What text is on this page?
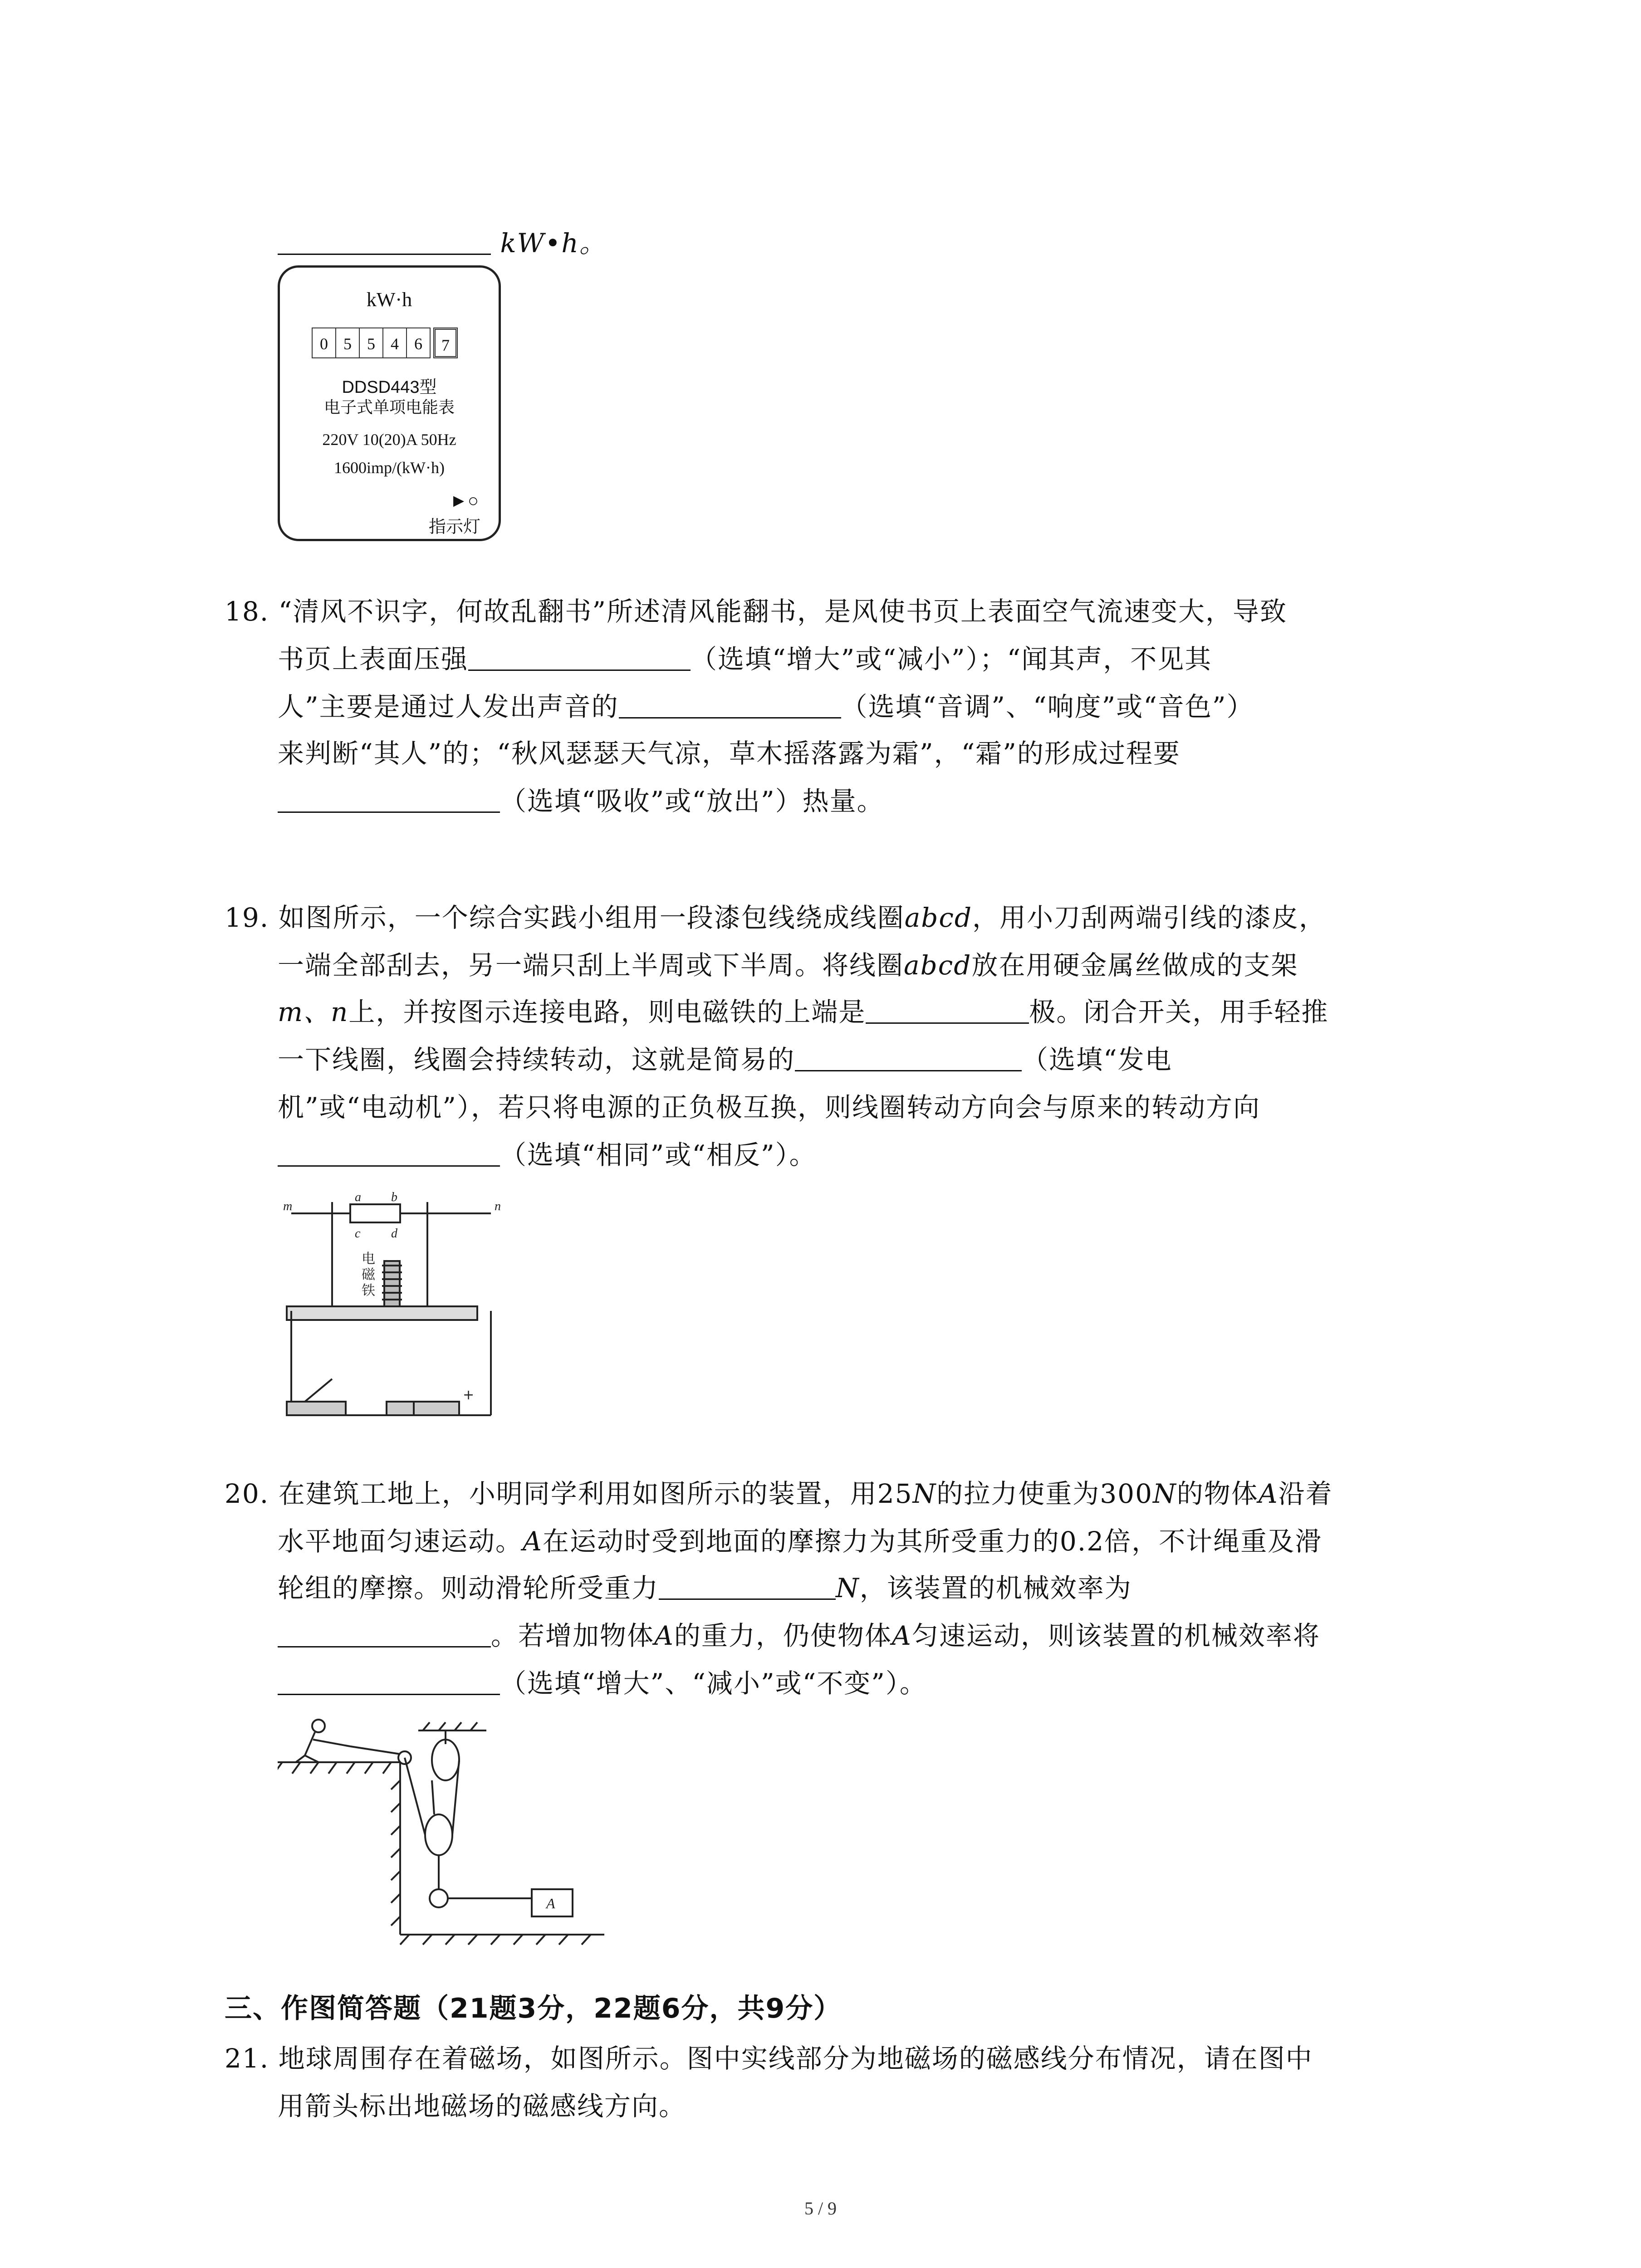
kW•h。
kW·h
0 5 5 4 6	7
DDSD443型
电子式单项电能表
220V 10(20)A 50Hz
1600imp/(kW·h)
►○
指示灯
18. “清风不识字，何故乱翻书”所述清风能翻书，是风使书页上表面空气流速变大，导致
书页上表面压强	（选填“增大”或“减小”）；“闻其声，不见其
人”主要是通过人发出声音的	（选填“音调”、“响度”或“音色”）
来判断“其人”的；“秋风瑟瑟天气凉，草木摇落露为霜”，“霜”的形成过程要
（选填“吸收”或“放出”）热量。
19. 如图所示，一个综合实践小组用一段漆包线绕成线圈abcd，用小刀刮两端引线的漆皮，
一端全部刮去，另一端只刮上半周或下半周。将线圈abcd放在用硬金属丝做成的支架
m、n上，并按图示连接电路，则电磁铁的上端是	极。闭合开关，用手轻推
一下线圈，线圈会持续转动，这就是简易的	（选填“发电
机”或“电动机”），若只将电源的正负极互换，则线圈转动方向会与原来的转动方向
（选填“相同”或“相反”）。
m	n
a b
c d
电
磁
铁
+
20. 在建筑工地上，小明同学利用如图所示的装置，用25N的拉力使重为300N的物体A沿着
水平地面匀速运动。A在运动时受到地面的摩擦力为其所受重力的0.2倍，不计绳重及滑
轮组的摩擦。则动滑轮所受重力	N，该装置的机械效率为
。若增加物体A的重力，仍使物体A匀速运动，则该装置的机械效率将
（选填“增大”、“减小”或“不变”）。
A
三、作图简答题（21题3分，22题6分，共9分）
21. 地球周围存在着磁场，如图所示。图中实线部分为地磁场的磁感线分布情况，请在图中
用箭头标出地磁场的磁感线方向。
5 / 9
